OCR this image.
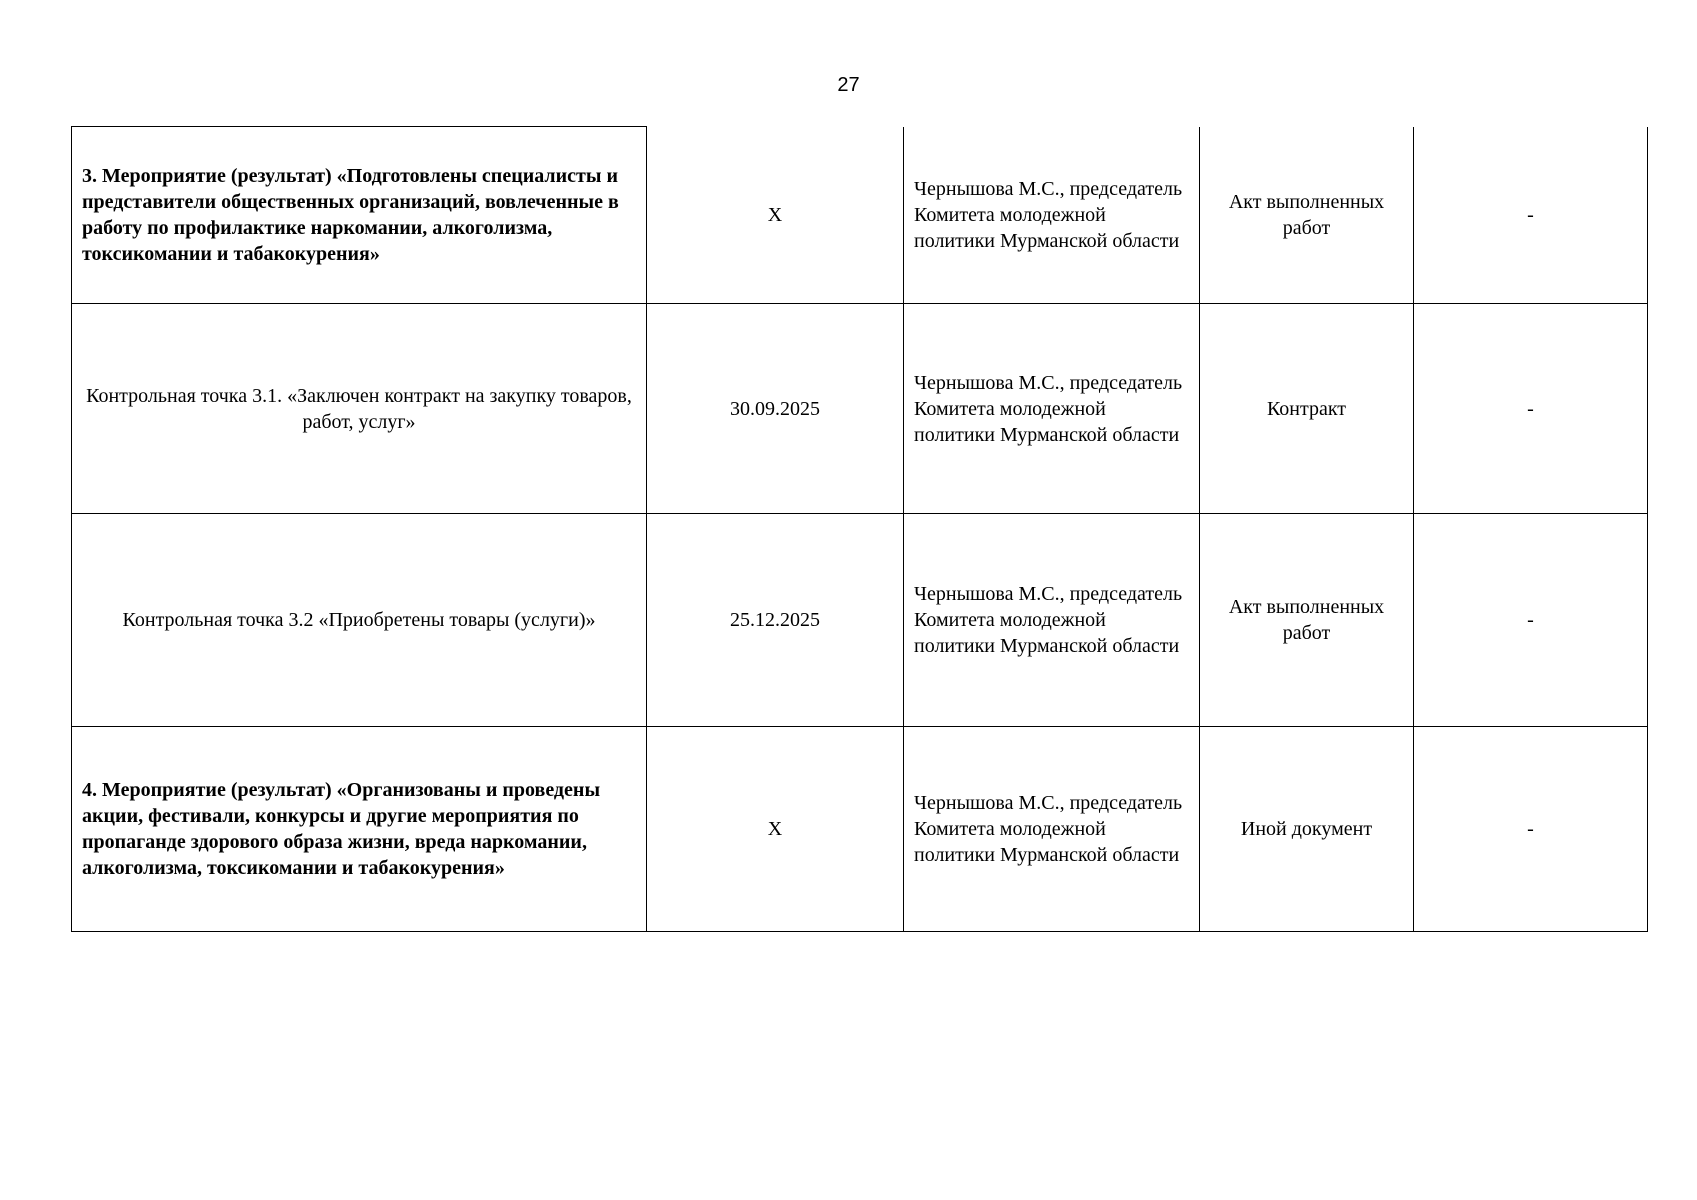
27
3. Мероприятие (результат) «Подготовлены специалисты и представители общественных организаций, вовлеченные в работу по профилактике наркомании, алкоголизма, токсикомании и табакокурения»	Х	Чернышова М.С., председатель Комитета молодежной политики Мурманской области	Акт выполненных работ	-
Контрольная точка 3.1. «Заключен контракт на закупку товаров, работ, услуг»	30.09.2025	Чернышова М.С., председатель Комитета молодежной политики Мурманской области	Контракт	-
Контрольная точка 3.2 «Приобретены товары (услуги)»	25.12.2025	Чернышова М.С., председатель Комитета молодежной политики Мурманской области	Акт выполненных работ	-
4. Мероприятие (результат) «Организованы и проведены акции, фестивали, конкурсы и другие мероприятия по пропаганде здорового образа жизни, вреда наркомании, алкоголизма, токсикомании и табакокурения»	Х	Чернышова М.С., председатель Комитета молодежной политики Мурманской области	Иной документ	-
